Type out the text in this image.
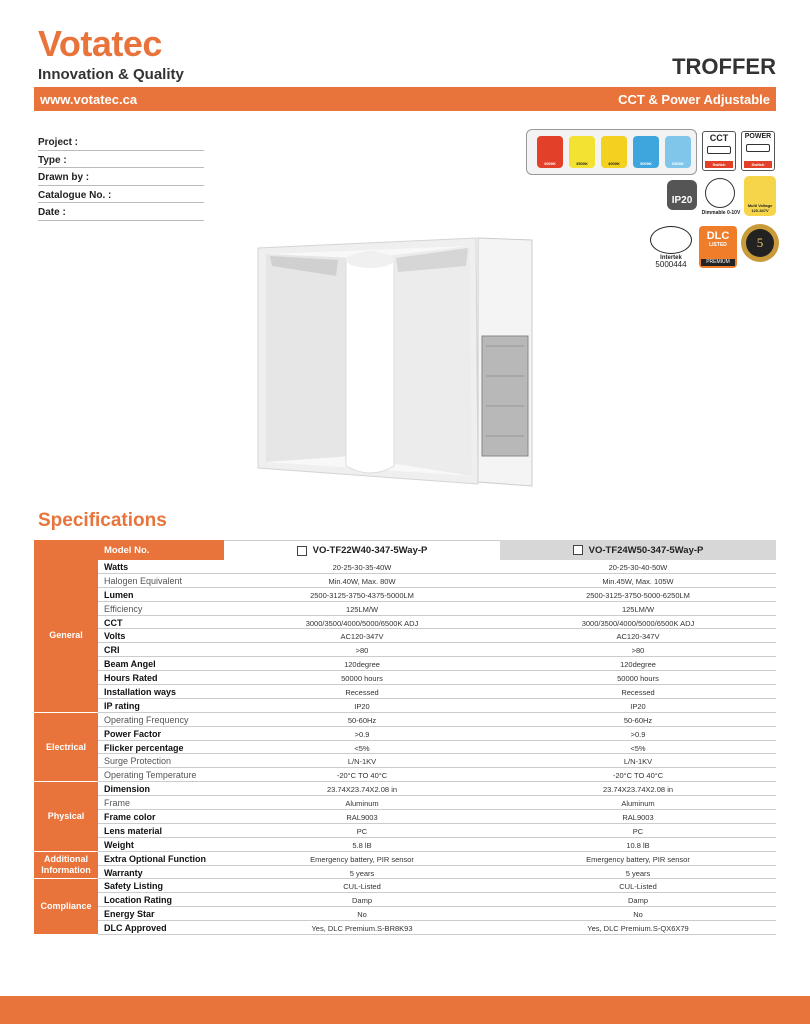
Votatec
Innovation & Quality	TROFFER
www.votatec.ca	CCT & Power Adjustable
Project :
Type :
Drawn by :
Catalogue No. :
Date :
3000K	3500K	4000K	5000K	6500K
CCT
Switch
POWER
Switch
IP20
Dimmable 0-10V
Multi Voltage 120-347V
Intertek
5000444
DLC
LISTED
PREMIUM
5
Specifications
Model No.	VO-TF22W40-347-5Way-P	VO-TF24W50-347-5Way-P
General
Watts	20-25-30-35-40W	20-25-30-40-50W
Halogen Equivalent	Min.40W, Max. 80W	Min.45W, Max. 105W
Lumen	2500-3125-3750-4375-5000LM	2500-3125-3750-5000-6250LM
Efficiency	125LM/W	125LM/W
CCT	3000/3500/4000/5000/6500K ADJ	3000/3500/4000/5000/6500K ADJ
Volts	AC120-347V	AC120-347V
CRI	>80	>80
Beam Angel	120degree	120degree
Hours Rated	50000 hours	50000 hours
Installation ways	Recessed	Recessed
IP rating	IP20	IP20
Electrical
Operating Frequency	50-60Hz	50-60Hz
Power Factor	>0.9	>0.9
Flicker percentage	<5%	<5%
Surge Protection	L/N-1KV	L/N-1KV
Operating Temperature	-20°C TO 40°C	-20°C TO 40°C
Physical
Dimension	23.74X23.74X2.08 in	23.74X23.74X2.08 in
Frame	Aluminum	Aluminum
Frame color	RAL9003	RAL9003
Lens material	PC	PC
Weight	5.8 lB	10.8 lB
Additional Information
Extra Optional Function	Emergency battery, PIR sensor	Emergency battery, PIR sensor
Warranty	5 years	5 years
Compliance
Safety Listing	CUL-Listed	CUL-Listed
Location Rating	Damp	Damp
Energy Star	No	No
DLC Approved	Yes, DLC Premium.S-BR8K93	Yes, DLC Premium.S-QX6X79
